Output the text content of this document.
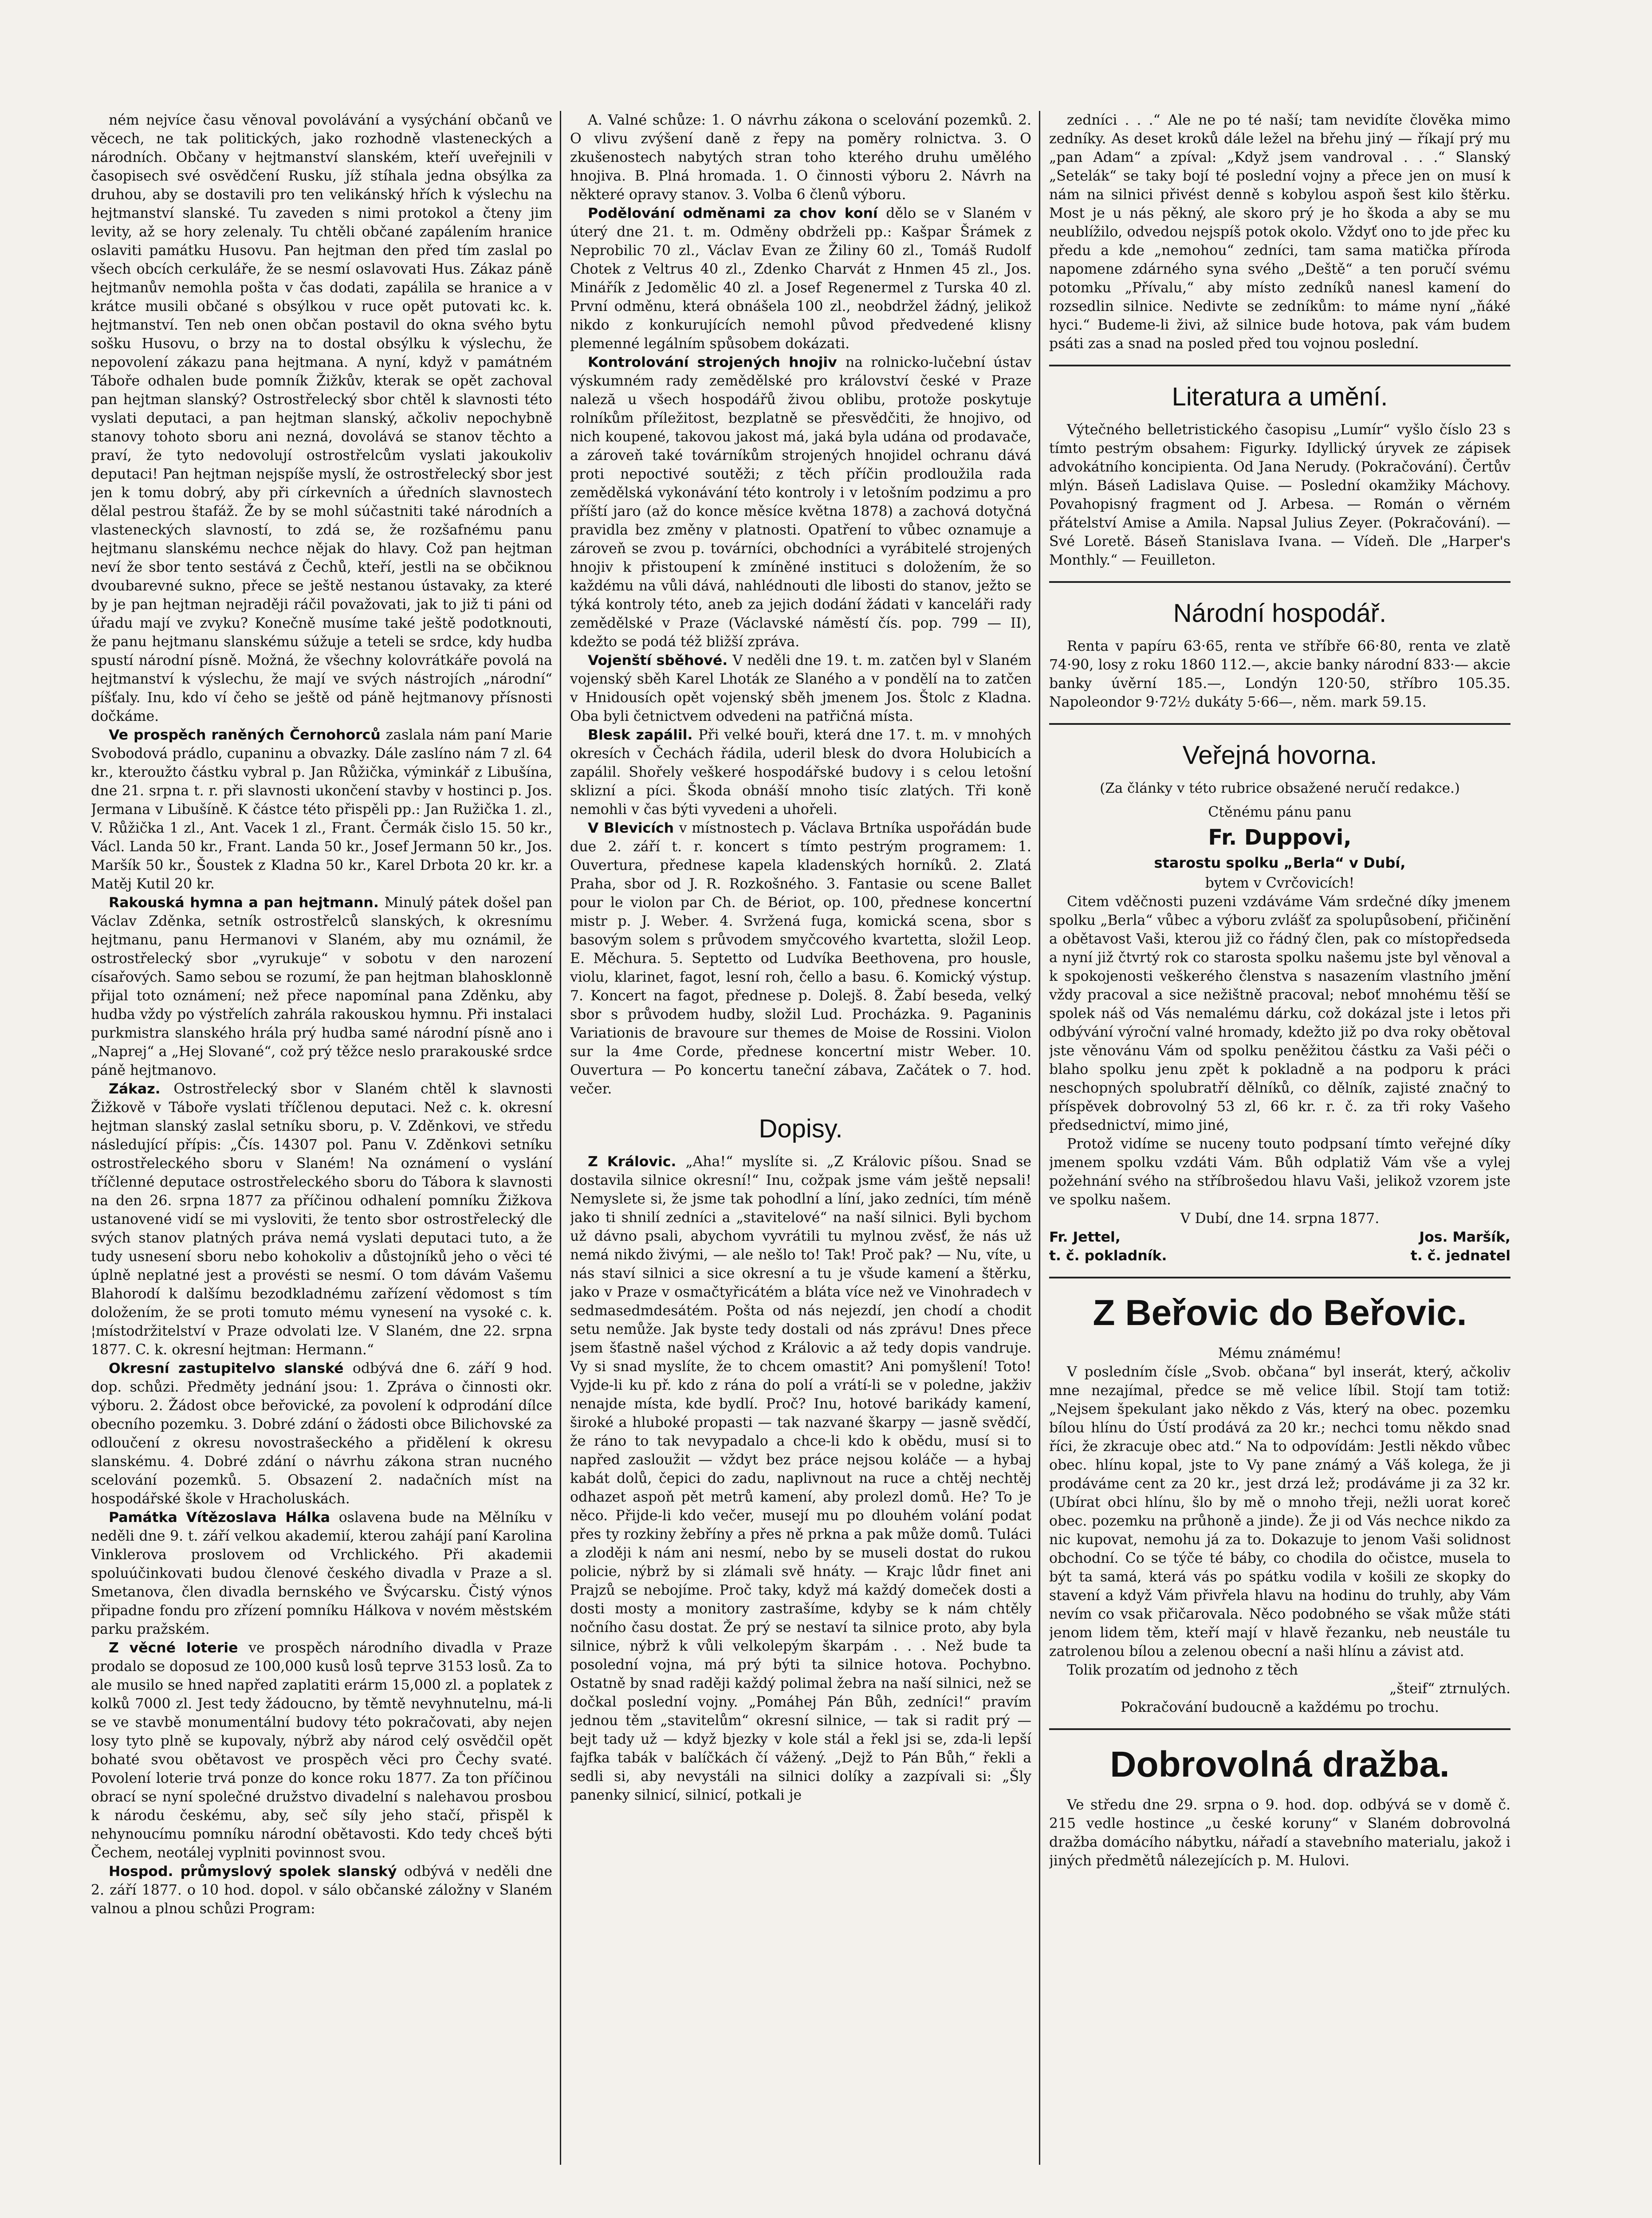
ném nejvíce času věnoval povolávání a vysýchání občanů ve věcech, ne tak politických, jako rozhodně vlasteneckých a národních. Občany v hejtmanství slanském, kteří uveřejnili v časopisech své osvědčení Rusku, jíž stíhala jedna obsýlka za druhou, aby se dostavili pro ten velikánský hřích k výslechu na hejtmanství slanské. Tu zaveden s nimi protokol a čteny jim levity, až se hory zelenaly. Tu chtěli občané zapálením hranice oslaviti památku Husovu. Pan hejtman den před tím zaslal po všech obcích cerkuláře, že se nesmí oslavovati Hus. Zákaz páně hejtmanův nemohla pošta v čas dodati, zapálila se hranice a v krátce musili občané s obsýlkou v ruce opět putovati kc. k. hejtmanství. Ten neb onen občan postavil do okna svého bytu sošku Husovu, o brzy na to dostal obsýlku k výslechu, že nepovolení zákazu pana hejtmana. A nyní, když v památném Táboře odhalen bude pomník Žižkův, kterak se opět zachoval pan hejtman slanský? Ostrostřelecký sbor chtěl k slavnosti této vyslati deputaci, a pan hejtman slanský, ačkoliv nepochybně stanovy tohoto sboru ani nezná, dovolává se stanov těchto a praví, že tyto nedovolují ostrostřelcům vyslati jakoukoliv deputaci! Pan hejtman nejspíše myslí, že ostrostřelecký sbor jest jen k tomu dobrý, aby při církevních a úředních slavnostech dělal pestrou štafáž. Že by se mohl súčastniti také národních a vlasteneckých slavností, to zdá se, že rozšafnému panu hejtmanu slanskému nechce nějak do hlavy. Což pan hejtman neví že sbor tento sestává z Čechů, kteří, jestli na se občiknou dvoubarevné sukno, přece se ještě nestanou ústavaky, za které by je pan hejtman nejraději ráčil považovati, jak to již ti páni od úřadu mají ve zvyku? Konečně musíme také ještě podotknouti, že panu hejtmanu slanskému súžuje a teteli se srdce, kdy hudba spustí národní písně. Možná, že všechny kolovrátkáře povolá na hejtmanství k výslechu, že mají ve svých nástrojích „národní“ píšťaly. Inu, kdo ví čeho se ještě od páně hejtmanovy přísnosti dočkáme.

Ve prospěch raněných Černohorců zaslala nám paní Marie Svobodová prádlo, cupaninu a obvazky. Dále zaslíno nám 7 zl. 64 kr., kteroužto částku vybral p. Jan Růžička, výminkář z Libušína, dne 21. srpna t. r. při slavnosti ukončení stavby v hostinci p. Jos. Jermana v Libušíně. K částce této přispěli pp.: Jan Ružička 1. zl., V. Růžička 1 zl., Ant. Vacek 1 zl., Frant. Čermák čislo 15. 50 kr., Václ. Landa 50 kr., Frant. Landa 50 kr., Josef Jermann 50 kr., Jos. Maršík 50 kr., Šoustek z Kladna 50 kr., Karel Drbota 20 kr. kr. a Matěj Kutil 20 kr.

Rakouská hymna a pan hejtmann. Minulý pátek došel pan Václav Zděnka, setník ostrostřelců slanských, k okresnímu hejtmanu, panu Hermanovi v Slaném, aby mu oznámil, že ostrostřelecký sbor „vyrukuje“ v sobotu v den narození císařových. Samo sebou se rozumí, že pan hejtman blahosklonně přijal toto oznámení; než přece napomínal pana Zděnku, aby hudba vždy po výstřelích zahrála rakouskou hymnu. Při instalaci purkmistra slanského hrála prý hudba samé národní písně ano i „Naprej“ a „Hej Slované“, což prý těžce neslo prarakouské srdce páně hejtmanovo.

Zákaz. Ostrostřelecký sbor v Slaném chtěl k slavnosti Žižkově v Táboře vyslati tříčlenou deputaci. Než c. k. okresní hejtman slanský zaslal setníku sboru, p. V. Zděnkovi, ve středu následující přípis: „Čís. 14307 pol. Panu V. Zděnkovi setníku ostrostřeleckého sboru v Slaném! Na oznámení o vyslání tříčlenné deputace ostrostřeleckého sboru do Tábora k slavnosti na den 26. srpna 1877 za příčinou odhalení pomníku Žižkova ustanovené vidí se mi vysloviti, že tento sbor ostrostřelecký dle svých stanov platných práva nemá vyslati deputaci tuto, a že tudy usnesení sboru nebo kohokoliv a důstojníků jeho o věci té úplně neplatné jest a provésti se nesmí. O tom dávám Vašemu Blahorodí k dalšímu bezodkladnému zařízení vědomost s tím doložením, že se proti tomuto mému vynesení na vysoké c. k. ¦místodržitelství v Praze odvolati lze. V Slaném, dne 22. srpna 1877. C. k. okresní hejtman: Hermann.“

Okresní zastupitelvo slanské odbývá dne 6. září 9 hod. dop. schůzi. Předměty jednání jsou: 1. Zpráva o činnosti okr. výboru. 2. Žádost obce beřovické, za povolení k odprodání dílce obecního pozemku. 3. Dobré zdání o žádosti obce Bilichovské za odloučení z okresu novostrašeckého a přidělení k okresu slanskému. 4. Dobré zdání o návrhu zákona stran nucného scelování pozemků. 5. Obsazení 2. nadačních míst na hospodářské škole v Hracholuskách.

Památka Vítězoslava Hálka oslavena bude na Mělníku v neděli dne 9. t. září velkou akademií, kterou zahájí paní Karolina Vinklerova proslovem od Vrchlického. Při akademii spoluúčinkovati budou členové českého divadla v Praze a sl. Smetanova, člen divadla bernského ve Švýcarsku. Čistý výnos připadne fondu pro zřízení pomníku Hálkova v novém městském parku pražském.

Z věcné loterie ve prospěch národního divadla v Praze prodalo se doposud ze 100,000 kusů losů teprve 3153 losů. Za to ale musilo se hned napřed zaplatiti erárm 15,000 zl. a poplatek z kolků 7000 zl. Jest tedy žádoucno, by těmtě nevyhnutelnu, má-li se ve stavbě monumentální budovy této pokračovati, aby nejen losy tyto plně se kupovaly, nýbrž aby národ celý osvědčil opět bohaté svou obětavost ve prospěch věci pro Čechy svaté. Povolení loterie trvá ponze do konce roku 1877. Za ton příčinou obrací se nyní společné družstvo divadelní s nalehavou prosbou k národu českému, aby, seč síly jeho stačí, přispěl k nehynoucímu pomníku národní obětavosti. Kdo tedy chceš býti Čechem, neotálej vyplniti povinnost svou.

Hospod. průmyslový spolek slanský odbývá v neděli dne 2. září 1877. o 10 hod. dopol. v sálo občanské záložny v Slaném valnou a plnou schůzi Program:

A. Valné schůze: 1. O návrhu zákona o scelování pozemků. 2. O vlivu zvýšení daně z řepy na poměry rolnictva. 3. O zkušenostech nabytých stran toho kterého druhu umělého hnojiva. B. Plná hromada. 1. O činnosti výboru 2. Návrh na některé opravy stanov. 3. Volba 6 členů výboru.

Podělování odměnami za chov koní dělo se v Slaném v úterý dne 21. t. m. Odměny obdrželi pp.: Kašpar Šrámek z Neprobilic 70 zl., Václav Evan ze Žiliny 60 zl., Tomáš Rudolf Chotek z Veltrus 40 zl., Zdenko Charvát z Hnmen 45 zl., Jos. Minářík z Jedomělic 40 zl. a Josef Regenermel z Turska 40 zl. První odměnu, která obnášela 100 zl., neobdržel žádný, jelikož nikdo z konkurujících nemohl původ předvedené klisny plemenné legálním spůsobem dokázati.

Kontrolování strojených hnojiv na rolnicko-lučební ústav výskumném rady zemědělské pro království české v Praze naleză u všech hospodářů živou oblibu, protože poskytuje rolníkům příležitost, bezplatně se přesvědčiti, že hnojivo, od nich koupené, takovou jakost má, jaká byla udána od prodavače, a zároveň také továrníkům strojených hnojidel ochranu dává proti nepoctivé soutěži; z těch příčin prodloužila rada zemědělská vykonávání této kontroly i v letošním podzimu a pro příští jaro (až do konce měsíce května 1878) a zachová dotyčná pravidla bez změny v platnosti. Opatření to vůbec oznamuje a zároveň se zvou p. továrníci, obchodníci a vyrábitelé strojených hnojiv k přistoupení k zmíněné instituci s doložením, že so každému na vůli dává, nahlédnouti dle libosti do stanov, ježto se týká kontroly této, aneb za jejich dodání žádati v kanceláři rady zemědělské v Praze (Václavské náměstí čís. pop. 799 — II), kdežto se podá též bližší zpráva.

Vojenští sběhové. V neděli dne 19. t. m. zatčen byl v Slaném vojenský sběh Karel Lhoták ze Slaného a v pondělí na to zatčen v Hnidousích opět vojenský sběh jmenem Jos. Štolc z Kladna. Oba byli četnictvem odvedeni na patřičná místa.

Blesk zapálil. Při velké bouři, která dne 17. t. m. v mnohých okresích v Čechách řádila, uderil blesk do dvora Holubicích a zapálil. Shořely veškeré hospodářské budovy i s celou letošní sklizní a píci. Škoda obnáší mnoho tisíc zlatých. Tři koně nemohli v čas býti vyvedeni a uhořeli.

V Blevicích v místnostech p. Václava Brtníka uspořádán bude due 2. září t. r. koncert s tímto pestrým programem: 1. Ouvertura, přednese kapela kladenských horníků. 2. Zlatá Praha, sbor od J. R. Rozkošného. 3. Fantasie ou scene Ballet pour le violon par Ch. de Bériot, op. 100, přednese koncertní mistr p. J. Weber. 4. Svržená fuga, komická scena, sbor s basovým solem s průvodem smyčcového kvartetta, složil Leop. E. Měchura. 5. Septetto od Ludvíka Beethovena, pro housle, violu, klarinet, fagot, lesní roh, čello a basu. 6. Komický výstup. 7. Koncert na fagot, přednese p. Dolejš. 8. Žabí beseda, velký sbor s průvodem hudby, složil Lud. Procházka. 9. Paganinis Variationis de bravoure sur themes de Moise de Rossini. Violon sur la 4me Corde, přednese koncertní mistr Weber. 10. Ouvertura — Po koncertu taneční zábava, Začátek o 7. hod. večer.

Dopisy.

Z Královic. „Aha!“ myslíte si. „Z Královic píšou. Snad se dostavila silnice okresní!“ Inu, cožpak jsme vám ještě nepsali! Nemyslete si, že jsme tak pohodlní a líní, jako zedníci, tím méně jako ti shnilí zedníci a „stavitelové“ na naší silnici. Byli bychom už dávno psali, abychom vyvrátili tu mylnou zvěsť, že nás už nemá nikdo živými, — ale nešlo to! Tak! Proč pak? — Nu, víte, u nás staví silnici a sice okresní a tu je všude kamení a štěrku, jako v Praze v osmačtyřicátém a bláta více než ve Vinohradech v sedmasedmdesátém. Pošta od nás nejezdí, jen chodí a chodit setu nemůže. Jak byste tedy dostali od nás zprávu! Dnes přece jsem šťastně našel východ z Královic a až tedy dopis vandruje. Vy si snad myslíte, že to chcem omastit? Ani pomyšlení! Toto! Vyjde-li ku př. kdo z rána do polí a vrátí-li se v poledne, jakživ nenajde místa, kde bydlí. Proč? Inu, hotové barikády kamení, široké a hluboké propasti — tak nazvané škarpy — jasně svědčí, že ráno to tak nevypadalo a chce-li kdo k obědu, musí si to napřed zasloužit — vždyt bez práce nejsou koláče — a hybaj kabát dolů, čepici do zadu, naplivnout na ruce a chtěj nechtěj odhazet aspoň pět metrů kamení, aby prolezl domů. He? To je něco. Přijde-li kdo večer, musejí mu po dlouhém volání podat přes ty rozkiny žebříny a přes ně prkna a pak může domů. Tuláci a zloději k nám ani nesmí, nebo by se museli dostat do rukou policie, nýbrž by si zlámali svě hnáty. — Krajc lůdr finet ani Prajzů se nebojíme. Proč taky, když má každý domeček dosti a dosti mosty a monitory zastrašíme, kdyby se k nám chtěly nočního času dostat. Že prý se nestaví ta silnice proto, aby byla silnice, nýbrž k vůli velkolepým škarpám . . . Než bude ta posolední vojna, má prý býti ta silnice hotova. Pochybno. Ostatně by snad raději každý polimal žebra na naší silnici, než se dočkal poslední vojny. „Pomáhej Pán Bůh, zedníci!“ pravím jednou těm „stavitelům“ okresní silnice, — tak si radit prý — bejt tady už — když bjezky v kole stál a řekl jsi se, zda-li lepší fajfka tabák v balíčkách čí vážený. „Dejž to Pán Bůh,“ řekli a sedli si, aby nevystáli na silnici dolíky a zazpívali si: „Šly panenky silnicí, silnicí, potkali je

zedníci . . .“ Ale ne po té naší; tam nevidíte člověka mimo zedníky. As deset kroků dále ležel na břehu jiný — říkají prý mu „pan Adam“ a zpíval: „Když jsem vandroval . . .“ Slanský „Setelák“ se taky bojí té poslední vojny a přece jen on musí k nám na silnici přivést denně s kobylou aspoň šest kilo štěrku. Most je u nás pěkný, ale skoro prý je ho škoda a aby se mu neublížilo, odvedou nejspíš potok okolo. Vždyť ono to jde přec ku předu a kde „nemohou“ zedníci, tam sama matička příroda napomene zdárného syna svého „Deště“ a ten poručí svému potomku „Přívalu,“ aby místo zedníků nanesl kamení do rozsedlin silnice. Nedivte se zedníkům: to máme nyní „ňáké hyci.“ Budeme-li živi, až silnice bude hotova, pak vám budem psáti zas a snad na posled před tou vojnou poslední.

Literatura a umění.

Výtečného belletristického časopisu „Lumír“ vyšlo číslo 23 s tímto pestrým obsahem: Figurky. Idyllický úryvek ze zápisek advokátního koncipienta. Od Jana Nerudy. (Pokračování). Čertův mlýn. Báseň Ladislava Quise. — Poslední okamžiky Máchovy. Povahopisný fragment od J. Arbesa. — Román o věrném přátelství Amise a Amila. Napsal Julius Zeyer. (Pokračování). — Své Loretě. Báseň Stanislava Ivana. — Vídeň. Dle „Harper's Monthly.“ — Feuilleton.

Národní hospodář.

Renta v papíru 63·65, renta ve stříbře 66·80, renta ve zlatě 74·90, losy z roku 1860 112.—, akcie banky národní 833·— akcie banky úvěrní 185.—, Londýn 120·50, stříbro 105.35. Napoleondor 9·72½ dukáty 5·66—, něm. mark 59.15.

Veřejná hovorna.

(Za články v této rubrice obsažené neručí redakce.)

Ctěnému pánu panu

Fr. Duppovi,

starostu spolku „Berla“ v Dubí,

bytem v Cvrčovicích!

Citem vděčnosti puzeni vzdáváme Vám srdečné díky jmenem spolku „Berla“ vůbec a výboru zvlášť za spolupůsobení, přičinění a obětavost Vaši, kterou již co řádný člen, pak co místopředseda a nyní již čtvrtý rok co starosta spolku našemu jste byl věnoval a k spokojenosti veškerého členstva s nasazením vlastního jmění vždy pracoval a sice nežištně pracoval; neboť mnohému těší se spolek náš od Vás nemalému dárku, což dokázal jste i letos při odbývání výroční valné hromady, kdežto již po dva roky obětoval jste věnovánu Vám od spolku peněžitou částku za Vaši péči o blaho spolku jenu zpět k pokladně a na podporu k práci neschopných spolubratří dělníků, co dělník, zajisté značný to příspěvek dobrovolný 53 zl, 66 kr. r. č. za tři roky Vašeho předsednictví, mimo jiné,

Protož vidíme se nuceny touto podpsaní tímto veřejné díky jmenem spolku vzdáti Vám. Bůh odplatiž Vám vše a vylej požehnání svého na stříbrošedou hlavu Vaši, jelikož vzorem jste ve spolku našem.

V Dubí, dne 14. srpna 1877.

Fr. Jettel,	Jos. Maršík,
t. č. pokladník.	t. č. jednatel
Z Beřovic do Beřovic.

Mému známému!

V posledním čísle „Svob. občana“ byl inserát, který, ačkoliv mne nezajímal, předce se mě velice líbil. Stojí tam totiž: „Nejsem špekulant jako někdo z Vás, který na obec. pozemku bílou hlínu do Ústí prodává za 20 kr.; nechci tomu někdo snad říci, že zkracuje obec atd.“ Na to odpovídám: Jestli někdo vůbec obec. hlínu kopal, jste to Vy pane známý a Váš kolega, že ji prodáváme cent za 20 kr., jest drzá lež; prodáváme ji za 32 kr. (Ubírat obci hlínu, šlo by mě o mnoho třeji, nežli uorat koreč obec. pozemku na průhoně a jinde). Že ji od Vás nechce nikdo za nic kupovat, nemohu já za to. Dokazuje to jenom Vaši solidnost obchodní. Co se týče té báby, co chodila do očistce, musela to být ta samá, která vás po spátku vodila v košili ze skopky do stavení a když Vám přivřela hlavu na hodinu do truhly, aby Vám nevím co vsak přičarovala. Něco podobného se však může státi jenom lidem těm, kteří mají v hlavě řezanku, neb neustále tu zatrolenou bílou a zelenou obecní a naši hlínu a závist atd.

Tolik prozatím od jednoho z těch

„šteif“ ztrnulých.

Pokračování budoucně a každému po trochu.

Dobrovolná dražba.

Ve středu dne 29. srpna o 9. hod. dop. odbývá se v domě č. 215 vedle hostince „u české koruny“ v Slaném dobrovolná dražba domácího nábytku, nářadí a stavebního materialu, jakož i jiných předmětů nálezejících p. M. Hulovi.
